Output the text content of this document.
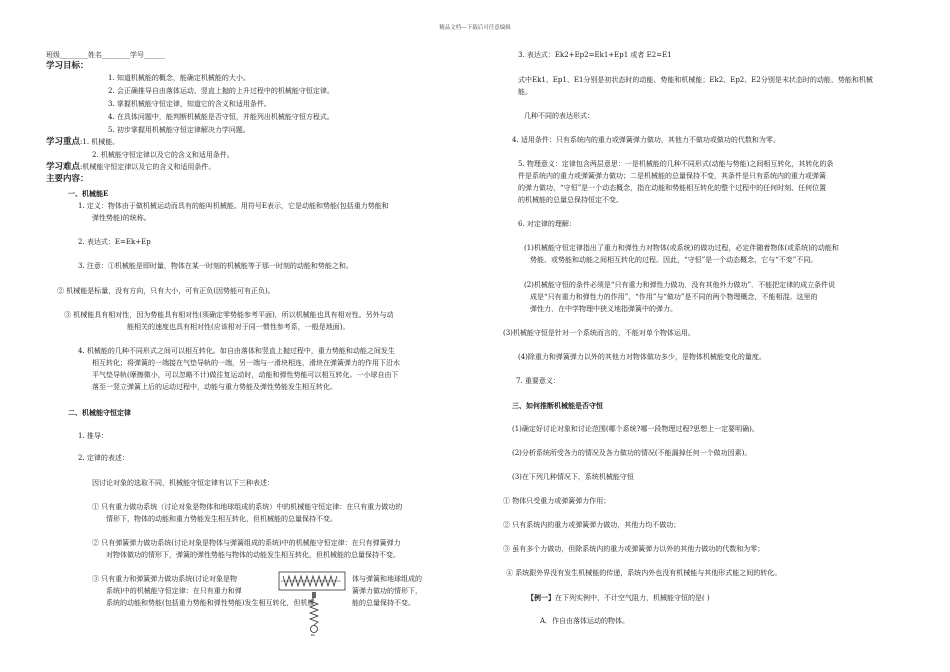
精品文档---下载后可任意编辑
班级________姓名________学号______
学习目标：
1. 知道机械能的概念，能确定机械能的大小。
2. 会正确推导自由落体运动、竖直上抛的上升过程中的机械能守恒定律。
3. 掌握机械能守恒定律，知道它的含义和适用条件。
4. 在具体问题中，能判断机械能是否守恒，并能列出机械能守恒方程式。
5. 初步掌握用机械能守恒定律解决力学问题。
学习重点:1. 机械能。
2. 机械能守恒定律以及它的含义和适用条件。
学习难点:机械能守恒定律以及它的含义和适用条件。
主要内容：
一、机械能E
1. 定义：物体由于做机械运动而具有的能叫机械能。用符号E表示，它是动能和势能(包括重力势能和
弹性势能)的统称。
2. 表达式：E=Ek+Ep
3. 注意：①机械能是即时量，物体在某一时刻的机械能等于那一时刻的动能和势能之和。
② 机械能是标量，没有方向，只有大小，可有正负(因势能可有正负)。
③ 机械能具有相对性，因为势能具有相对性(须确定零势能参考平面)，所以机械能也具有相对性。另外与动
能相关的速度也具有相对性(应该相对于同一惯性参考系，一般是地面)。
4. 机械能的几种不同形式之间可以相互转化。如自由落体和竖直上抛过程中，重力势能和动能之间发生
相互转化；将弹簧的一端接在气垫导轨的一端，另一端与一滑块相连，滑块在弹簧弹力的作用下沿水
平气垫导轨(摩擦微小，可以忽略不计)做往复运动时，动能和弹性势能可以相互转化。一小球自由下
落至一竖立弹簧上后的运动过程中，动能与重力势能及弹性势能发生相互转化。
二、机械能守恒定律
1. 推导：
2. 定律的表述：
因讨论对象的选取不同，机械能守恒定律有以下三种表述：
① 只有重力做功系统（讨论对象是物体和地球组成的系统）中的机械能守恒定律：在只有重力做功的
情形下，物体的动能和重力势能发生相互转化，但机械能的总量保持不变。
② 只有弹簧弹力做功系统(讨论对象是物体与弹簧组成的系统)中的机械能守恒定律：在只有弹簧弹力
对物体做功的情形下，弹簧的弹性势能与物体的动能发生相互转化，但机械能的总量保持不变。
③ 只有重力和弹簧弹力做功系统(讨论对象是物	体与弹簧和地球组成的
系统)中的机械能守恒定律：在只有重力和弹	簧弹力做功的情形下，
系统的动能和势能(包括重力势能和弹性势能)发生相互转化，但机械	能的总量保持不变。
m
3. 表达式：Ek2+Ep2=Ek1+Ep1 或者 E2=E1
式中Ek1、Ep1、E1分别是初状态时的动能、势能和机械能；Ek2、Ep2、E2分别是末状态时的动能、势能和机械
能。
几种不同的表达形式：
4. 适用条件：只有系统内的重力或弹簧弹力做功，其他力不做功或做功的代数和为零。
5. 物理意义：定律包含两层意思：一是机械能的几种不同形式(动能与势能)之间相互转化，其转化的条
件是系统内的重力或弹簧弹力做功；二是机械能的总量保持不变，其条件是只有系统内的重力或弹簧
的弹力做功，“守恒”是一个动态概念，指在动能和势能相互转化的整个过程中的任何时刻、任何位置
的机械能的总量总保持恒定不变。
6. 对定律的理解：
(1)机械能守恒定律指出了重力和弹性力对物体(或系统)的做功过程，必定伴随着物体(或系统)的动能和
势能、或势能和动能之间相互转化的过程。因此，“守恒”是一个动态概念，它与“不变”不同。
(2)机械能守恒的条件必须是“只有重力和弹性力做功．没有其他外力做功”．不能把定律的成立条件说
成是“只有重力和弹性力的作用”，“作用”与“做功”是不同的两个物理概念，不能相混。这里的
弹性力，在中学物理中狭义地指弹簧中的弹力。
(3)机械能守恒是针对一个系统而言的，不能对单个物体运用。
(4)除重力和弹簧弹力以外的其他力对物体做功多少，是物体机械能变化的量度。
7. 重要意义：
三、如何推断机械能是否守恒
(1)确定好讨论对象和讨论范围(哪个系统?哪一段物理过程?思想上一定要明确)。
(2)分析系统所受各力的情况及各力做功的情况(不能漏掉任何一个做功因素)。
(3)在下列几种情况下，系统机械能守恒
① 物体只受重力或弹簧弹力作用；
② 只有系统内的重力或弹簧弹力做功，其他力均不做功；
③ 虽有多个力做功，但除系统内的重力或弹簧弹力以外的其他力做功的代数和为零；
④ 系统跟外界没有发生机械能的传递，系统内外也没有机械能与其他形式能之间的转化。
【例一】在下列实例中，不计空气阻力，机械能守恒的是( )
A．作自由落体运动的物体。
